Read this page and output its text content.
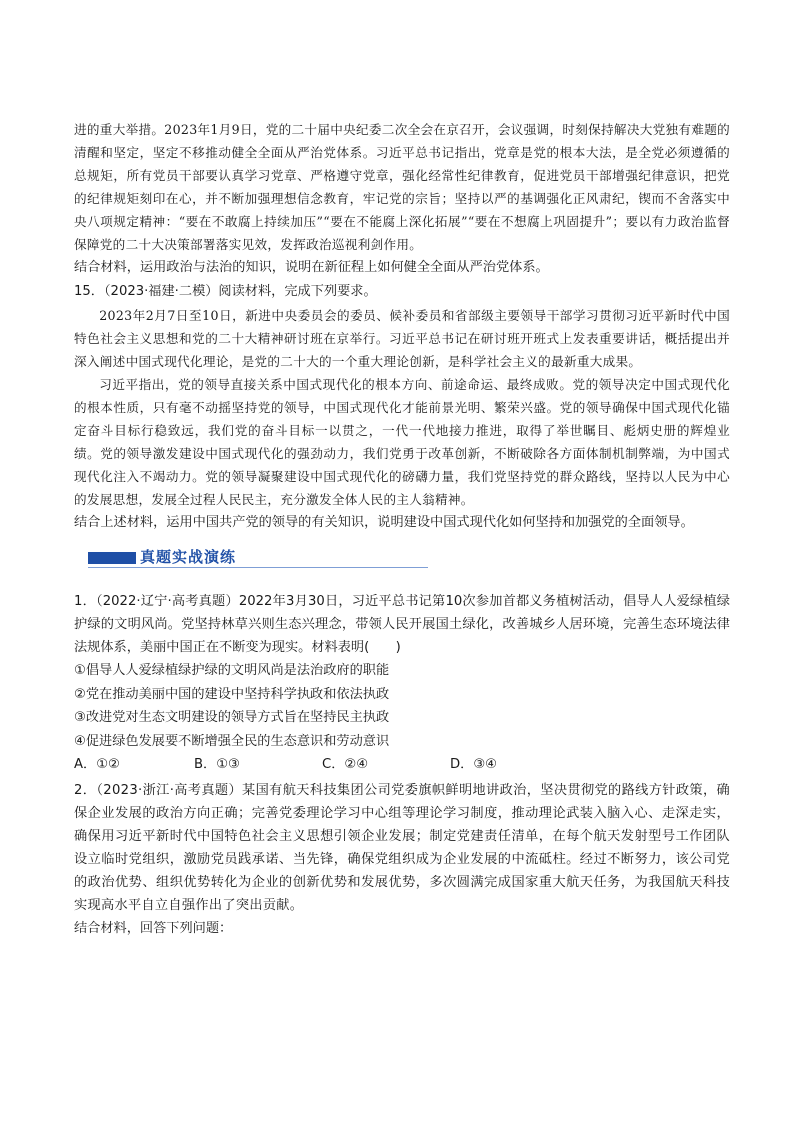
进的重大举措。2023年1月9日，党的二十届中央纪委二次全会在京召开，会议强调，时刻保持解决大党独有难题的清醒和坚定，坚定不移推动健全全面从严治党体系。习近平总书记指出，党章是党的根本大法，是全党必须遵循的总规矩，所有党员干部要认真学习党章、严格遵守党章，强化经常性纪律教育，促进党员干部增强纪律意识，把党的纪律规矩刻印在心，并不断加强理想信念教育，牢记党的宗旨；坚持以严的基调强化正风肃纪，锲而不舍落实中央八项规定精神：“要在不敢腐上持续加压”“要在不能腐上深化拓展”“要在不想腐上巩固提升”；要以有力政治监督保障党的二十大决策部署落实见效，发挥政治巡视利剑作用。

结合材料，运用政治与法治的知识，说明在新征程上如何健全全面从严治党体系。

15．（2023·福建·二模）阅读材料，完成下列要求。

2023年2月7日至10日，新进中央委员会的委员、候补委员和省部级主要领导干部学习贯彻习近平新时代中国特色社会主义思想和党的二十大精神研讨班在京举行。习近平总书记在研讨班开班式上发表重要讲话，概括提出并深入阐述中国式现代化理论，是党的二十大的一个重大理论创新，是科学社会主义的最新重大成果。

习近平指出，党的领导直接关系中国式现代化的根本方向、前途命运、最终成败。党的领导决定中国式现代化的根本性质，只有毫不动摇坚持党的领导，中国式现代化才能前景光明、繁荣兴盛。党的领导确保中国式现代化锚定奋斗目标行稳致远，我们党的奋斗目标一以贯之，一代一代地接力推进，取得了举世瞩目、彪炳史册的辉煌业绩。党的领导激发建设中国式现代化的强劲动力，我们党勇于改革创新，不断破除各方面体制机制弊端，为中国式现代化注入不竭动力。党的领导凝聚建设中国式现代化的磅礴力量，我们党坚持党的群众路线，坚持以人民为中心的发展思想，发展全过程人民民主，充分激发全体人民的主人翁精神。

结合上述材料，运用中国共产党的领导的有关知识，说明建设中国式现代化如何坚持和加强党的全面领导。

真题实战演练

1．（2022·辽宁·高考真题）2022年3月30日，习近平总书记第10次参加首都义务植树活动，倡导人人爱绿植绿护绿的文明风尚。党坚持林草兴则生态兴理念，带领人民开展国土绿化，改善城乡人居环境，完善生态环境法律法规体系，美丽中国正在不断变为现实。材料表明(　　)

①倡导人人爱绿植绿护绿的文明风尚是法治政府的职能

②党在推动美丽中国的建设中坚持科学执政和依法执政

③改进党对生态文明建设的领导方式旨在坚持民主执政

④促进绿色发展要不断增强全民的生态意识和劳动意识

A．①②	B．①③	C．②④	D．③④

2．（2023·浙江·高考真题）某国有航天科技集团公司党委旗帜鲜明地讲政治，坚决贯彻党的路线方针政策，确保企业发展的政治方向正确；完善党委理论学习中心组等理论学习制度，推动理论武装入脑入心、走深走实，确保用习近平新时代中国特色社会主义思想引领企业发展；制定党建责任清单，在每个航天发射型号工作团队设立临时党组织，激励党员践承诺、当先锋，确保党组织成为企业发展的中流砥柱。经过不断努力，该公司党的政治优势、组织优势转化为企业的创新优势和发展优势，多次圆满完成国家重大航天任务，为我国航天科技实现高水平自立自强作出了突出贡献。

结合材料，回答下列问题：
